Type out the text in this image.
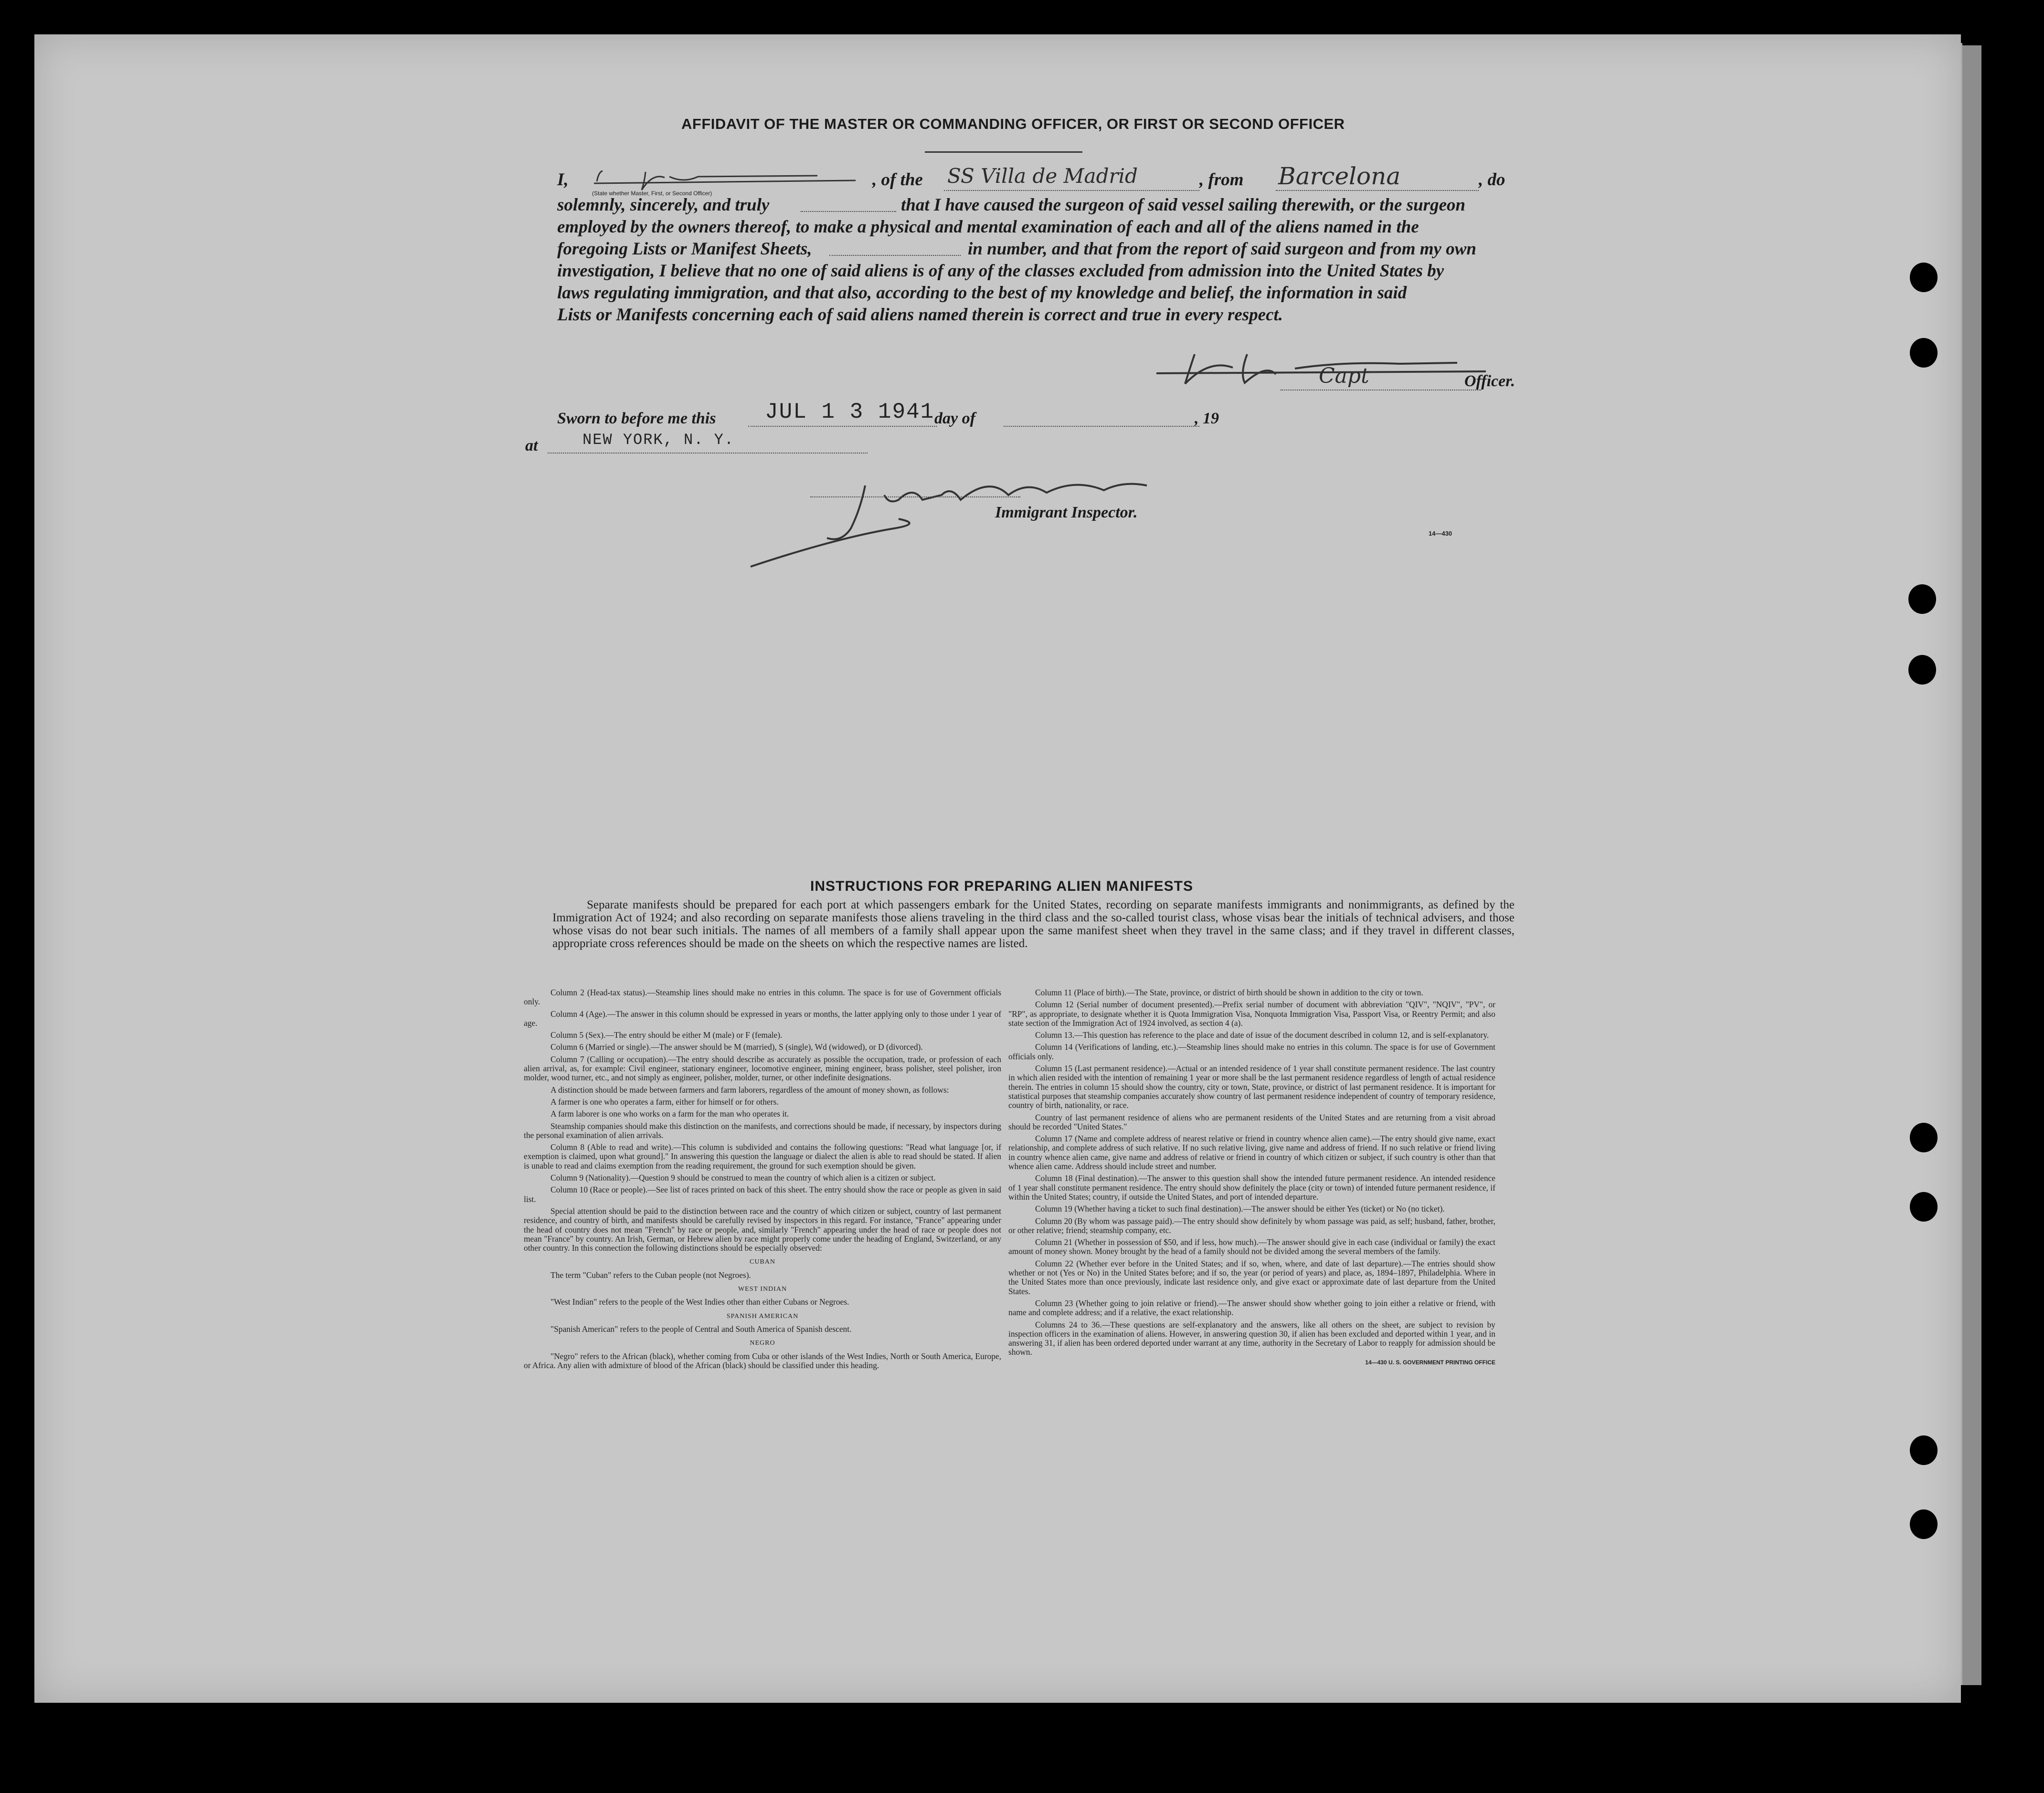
AFFIDAVIT OF THE MASTER OR COMMANDING OFFICER, OR FIRST OR SECOND OFFICER
I,
(State whether Master, First, or Second Officer)
, of the SS Villa de Madrid	, from Barcelona	, do
solemnly, sincerely, and truly	that I have caused the surgeon of said vessel sailing therewith, or the surgeon
employed by the owners thereof, to make a physical and mental examination of each and all of the aliens named in the
foregoing Lists or Manifest Sheets,	in number, and that from the report of said surgeon and from my own
investigation, I believe that no one of said aliens is of any of the classes excluded from admission into the United States by
laws regulating immigration, and that also, according to the best of my knowledge and belief, the information in said
Lists or Manifests concerning each of said aliens named therein is correct and true in every respect.
Capt	Officer.
Sworn to before me this JUL 1 3 1941 day of	, 19
at	NEW YORK, N. Y.
Immigrant Inspector.
14—430
INSTRUCTIONS FOR PREPARING ALIEN MANIFESTS

Separate manifests should be prepared for each port at which passengers embark for the United States, recording on separate manifests immigrants and nonimmigrants, as defined by the Immigration Act of 1924; and also recording on separate manifests those aliens traveling in the third class and the so-called tourist class, whose visas bear the initials of technical advisers, and those whose visas do not bear such initials. The names of all members of a family shall appear upon the same manifest sheet when they travel in the same class; and if they travel in different classes, appropriate cross references should be made on the sheets on which the respective names are listed.

Column 2 (Head-tax status).—Steamship lines should make no entries in this column. The space is for use of Government officials only.

Column 4 (Age).—The answer in this column should be expressed in years or months, the latter applying only to those under 1 year of age.

Column 5 (Sex).—The entry should be either M (male) or F (female).

Column 6 (Married or single).—The answer should be M (married), S (single), Wd (widowed), or D (divorced).

Column 7 (Calling or occupation).—The entry should describe as accurately as possible the occupation, trade, or profession of each alien arrival, as, for example: Civil engineer, stationary engineer, locomotive engineer, mining engineer, brass polisher, steel polisher, iron molder, wood turner, etc., and not simply as engineer, polisher, molder, turner, or other indefinite designations.

A distinction should be made between farmers and farm laborers, regardless of the amount of money shown, as follows:

A farmer is one who operates a farm, either for himself or for others.

A farm laborer is one who works on a farm for the man who operates it.

Steamship companies should make this distinction on the manifests, and corrections should be made, if necessary, by inspectors during the personal examination of alien arrivals.

Column 8 (Able to read and write).—This column is subdivided and contains the following questions: "Read what language [or, if exemption is claimed, upon what ground]." In answering this question the language or dialect the alien is able to read should be stated. If alien is unable to read and claims exemption from the reading requirement, the ground for such exemption should be given.

Column 9 (Nationality).—Question 9 should be construed to mean the country of which alien is a citizen or subject.

Column 10 (Race or people).—See list of races printed on back of this sheet. The entry should show the race or people as given in said list.

Special attention should be paid to the distinction between race and the country of which citizen or subject, country of last permanent residence, and country of birth, and manifests should be carefully revised by inspectors in this regard. For instance, "France" appearing under the head of country does not mean "French" by race or people, and, similarly "French" appearing under the head of race or people does not mean "France" by country. An Irish, German, or Hebrew alien by race might properly come under the heading of England, Switzerland, or any other country. In this connection the following distinctions should be especially observed:

CUBAN

The term "Cuban" refers to the Cuban people (not Negroes).

WEST INDIAN

"West Indian" refers to the people of the West Indies other than either Cubans or Negroes.

SPANISH AMERICAN

"Spanish American" refers to the people of Central and South America of Spanish descent.

NEGRO

"Negro" refers to the African (black), whether coming from Cuba or other islands of the West Indies, North or South America, Europe, or Africa. Any alien with admixture of blood of the African (black) should be classified under this heading.

Column 11 (Place of birth).—The State, province, or district of birth should be shown in addition to the city or town.

Column 12 (Serial number of document presented).—Prefix serial number of document with abbreviation "QIV", "NQIV", "PV", or "RP", as appropriate, to designate whether it is Quota Immigration Visa, Nonquota Immigration Visa, Passport Visa, or Reentry Permit; and also state section of the Immigration Act of 1924 involved, as section 4 (a).

Column 13.—This question has reference to the place and date of issue of the document described in column 12, and is self-explanatory.

Column 14 (Verifications of landing, etc.).—Steamship lines should make no entries in this column. The space is for use of Government officials only.

Column 15 (Last permanent residence).—Actual or an intended residence of 1 year shall constitute permanent residence. The last country in which alien resided with the intention of remaining 1 year or more shall be the last permanent residence regardless of length of actual residence therein. The entries in column 15 should show the country, city or town, State, province, or district of last permanent residence. It is important for statistical purposes that steamship companies accurately show country of last permanent residence independent of country of temporary residence, country of birth, nationality, or race.

Country of last permanent residence of aliens who are permanent residents of the United States and are returning from a visit abroad should be recorded "United States."

Column 17 (Name and complete address of nearest relative or friend in country whence alien came).—The entry should give name, exact relationship, and complete address of such relative. If no such relative living, give name and address of friend. If no such relative or friend living in country whence alien came, give name and address of relative or friend in country of which citizen or subject, if such country is other than that whence alien came. Address should include street and number.

Column 18 (Final destination).—The answer to this question shall show the intended future permanent residence. An intended residence of 1 year shall constitute permanent residence. The entry should show definitely the place (city or town) of intended future permanent residence, if within the United States; country, if outside the United States, and port of intended departure.

Column 19 (Whether having a ticket to such final destination).—The answer should be either Yes (ticket) or No (no ticket).

Column 20 (By whom was passage paid).—The entry should show definitely by whom passage was paid, as self; husband, father, brother, or other relative; friend; steamship company, etc.

Column 21 (Whether in possession of $50, and if less, how much).—The answer should give in each case (individual or family) the exact amount of money shown. Money brought by the head of a family should not be divided among the several members of the family.

Column 22 (Whether ever before in the United States; and if so, when, where, and date of last departure).—The entries should show whether or not (Yes or No) in the United States before; and if so, the year (or period of years) and place, as, 1894–1897, Philadelphia. Where in the United States more than once previously, indicate last residence only, and give exact or approximate date of last departure from the United States.

Column 23 (Whether going to join relative or friend).—The answer should show whether going to join either a relative or friend, with name and complete address; and if a relative, the exact relationship.

Columns 24 to 36.—These questions are self-explanatory and the answers, like all others on the sheet, are subject to revision by inspection officers in the examination of aliens. However, in answering question 30, if alien has been excluded and deported within 1 year, and in answering 31, if alien has been ordered deported under warrant at any time, authority in the Secretary of Labor to reapply for admission should be shown.

14—430 U. S. GOVERNMENT PRINTING OFFICE
